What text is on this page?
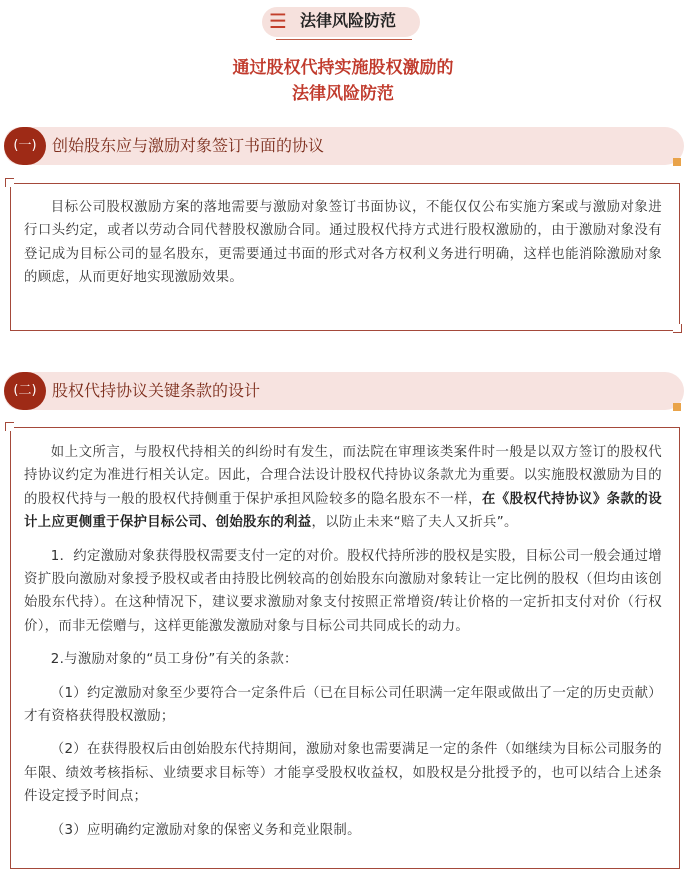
☰ 法律风险防范
通过股权代持实施股权激励的
法律风险防范
(一) 创始股东应与激励对象签订书面的协议

目标公司股权激励方案的落地需要与激励对象签订书面协议，不能仅仅公布实施方案或与激励对象进行口头约定，或者以劳动合同代替股权激励合同。通过股权代持方式进行股权激励的，由于激励对象没有登记成为目标公司的显名股东，更需要通过书面的形式对各方权利义务进行明确，这样也能消除激励对象的顾虑，从而更好地实现激励效果。

(二) 股权代持协议关键条款的设计

如上文所言，与股权代持相关的纠纷时有发生，而法院在审理该类案件时一般是以双方签订的股权代持协议约定为准进行相关认定。因此，合理合法设计股权代持协议条款尤为重要。以实施股权激励为目的的股权代持与一般的股权代持侧重于保护承担风险较多的隐名股东不一样，在《股权代持协议》条款的设计上应更侧重于保护目标公司、创始股东的利益，以防止未来“赔了夫人又折兵”。

1．约定激励对象获得股权需要支付一定的对价。股权代持所涉的股权是实股，目标公司一般会通过增资扩股向激励对象授予股权或者由持股比例较高的创始股东向激励对象转让一定比例的股权（但均由该创始股东代持）。在这种情况下，建议要求激励对象支付按照正常增资/转让价格的一定折扣支付对价（行权价），而非无偿赠与，这样更能激发激励对象与目标公司共同成长的动力。

2.与激励对象的“员工身份”有关的条款：

（1）约定激励对象至少要符合一定条件后（已在目标公司任职满一定年限或做出了一定的历史贡献）才有资格获得股权激励；

（2）在获得股权后由创始股东代持期间，激励对象也需要满足一定的条件（如继续为目标公司服务的年限、绩效考核指标、业绩要求目标等）才能享受股权收益权，如股权是分批授予的，也可以结合上述条件设定授予时间点；

（3）应明确约定激励对象的保密义务和竞业限制。
